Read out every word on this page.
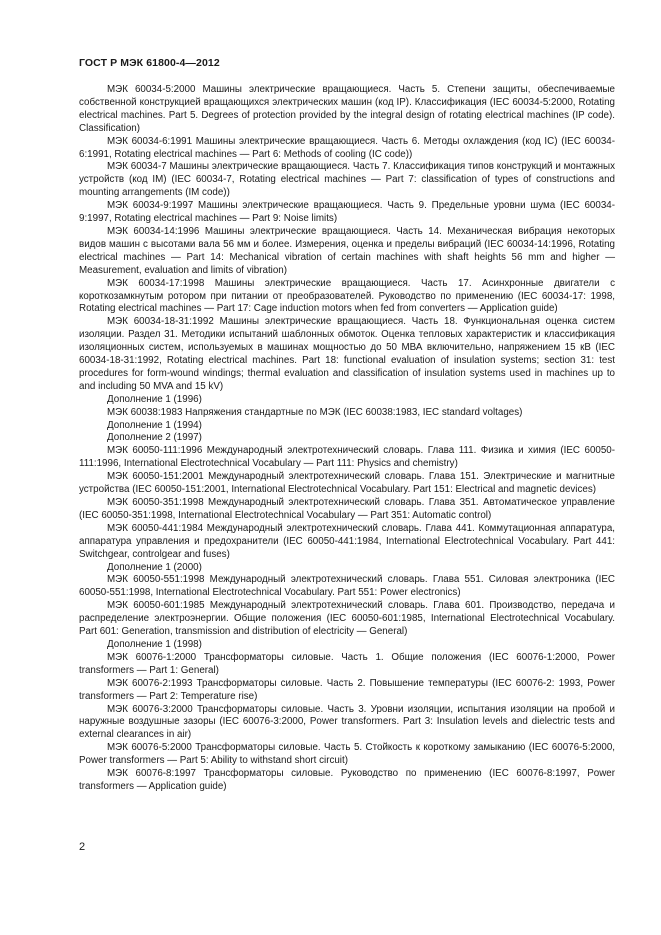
ГОСТ Р МЭК 61800-4—2012

МЭК 60034-5:2000 Машины электрические вращающиеся. Часть 5. Степени защиты, обеспечиваемые собственной конструкцией вращающихся электрических машин (код IP). Классификация (IEC 60034-5:2000, Rotating electrical machines. Part 5. Degrees of protection provided by the integral design of rotating electrical machines (IP code). Classification)

МЭК 60034-6:1991 Машины электрические вращающиеся. Часть 6. Методы охлаждения (код IC) (IEC 60034-6:1991, Rotating electrical machines — Part 6: Methods of cooling (IC code))

МЭК 60034-7 Машины электрические вращающиеся. Часть 7. Классификация типов конструкций и монтажных устройств (код IM) (IEC 60034-7, Rotating electrical machines — Part 7: classification of types of constructions and mounting arrangements (IM code))

МЭК 60034-9:1997 Машины электрические вращающиеся. Часть 9. Предельные уровни шума (IEC 60034-9:1997, Rotating electrical machines — Part 9: Noise limits)

МЭК 60034-14:1996 Машины электрические вращающиеся. Часть 14. Механическая вибрация некоторых видов машин с высотами вала 56 мм и более. Измерения, оценка и пределы вибраций (IEC 60034-14:1996, Rotating electrical machines — Part 14: Mechanical vibration of certain machines with shaft heights 56 mm and higher — Measurement, evaluation and limits of vibration)

МЭК 60034-17:1998 Машины электрические вращающиеся. Часть 17. Асинхронные двигатели с короткозамкнутым ротором при питании от преобразователей. Руководство по применению (IEC 60034-17: 1998, Rotating electrical machines — Part 17: Cage induction motors when fed from converters — Application guide)

МЭК 60034-18-31:1992 Машины электрические вращающиеся. Часть 18. Функциональная оценка систем изоляции. Раздел 31. Методики испытаний шаблонных обмоток. Оценка тепловых характеристик и классификация изоляционных систем, используемых в машинах мощностью до 50 МВА включительно, напряжением 15 кВ (IEC 60034-18-31:1992, Rotating electrical machines. Part 18: functional evaluation of insulation systems; section 31: test procedures for form-wound windings; thermal evaluation and classification of insulation systems used in machines up to and including 50 MVA and 15 kV)

Дополнение 1 (1996)

МЭК 60038:1983 Напряжения стандартные по МЭК (IEC 60038:1983, IEC standard voltages)

Дополнение 1 (1994)

Дополнение 2 (1997)

МЭК 60050-111:1996 Международный электротехнический словарь. Глава 111. Физика и химия (IEC 60050-111:1996, International Electrotechnical Vocabulary — Part 111: Physics and chemistry)

МЭК 60050-151:2001 Международный электротехнический словарь. Глава 151. Электрические и магнитные устройства (IEC 60050-151:2001, International Electrotechnical Vocabulary. Part 151: Electrical and magnetic devices)

МЭК 60050-351:1998 Международный электротехнический словарь. Глава 351. Автоматическое управление (IEC 60050-351:1998, International Electrotechnical Vocabulary — Part 351: Automatic control)

МЭК 60050-441:1984 Международный электротехнический словарь. Глава 441. Коммутационная аппаратура, аппаратура управления и предохранители (IEC 60050-441:1984, International Electrotechnical Vocabulary. Part 441: Switchgear, controlgear and fuses)

Дополнение 1 (2000)

МЭК 60050-551:1998 Международный электротехнический словарь. Глава 551. Силовая электроника (IEC 60050-551:1998, International Electrotechnical Vocabulary. Part 551: Power electronics)

МЭК 60050-601:1985 Международный электротехнический словарь. Глава 601. Производство, передача и распределение электроэнергии. Общие положения (IEC 60050-601:1985, International Electrotechnical Vocabulary. Part 601: Generation, transmission and distribution of electricity — General)

Дополнение 1 (1998)

МЭК 60076-1:2000 Трансформаторы силовые. Часть 1. Общие положения (IEC 60076-1:2000, Power transformers — Part 1: General)

МЭК 60076-2:1993 Трансформаторы силовые. Часть 2. Повышение температуры (IEC 60076-2: 1993, Power transformers — Part 2: Temperature rise)

МЭК 60076-3:2000 Трансформаторы силовые. Часть 3. Уровни изоляции, испытания изоляции на пробой и наружные воздушные зазоры (IEC 60076-3:2000, Power transformers. Part 3: Insulation levels and dielectric tests and external clearances in air)

МЭК 60076-5:2000 Трансформаторы силовые. Часть 5. Стойкость к короткому замыканию (IEC 60076-5:2000, Power transformers — Part 5: Ability to withstand short circuit)

МЭК 60076-8:1997 Трансформаторы силовые. Руководство по применению (IEC 60076-8:1997, Power transformers — Application guide)

2
